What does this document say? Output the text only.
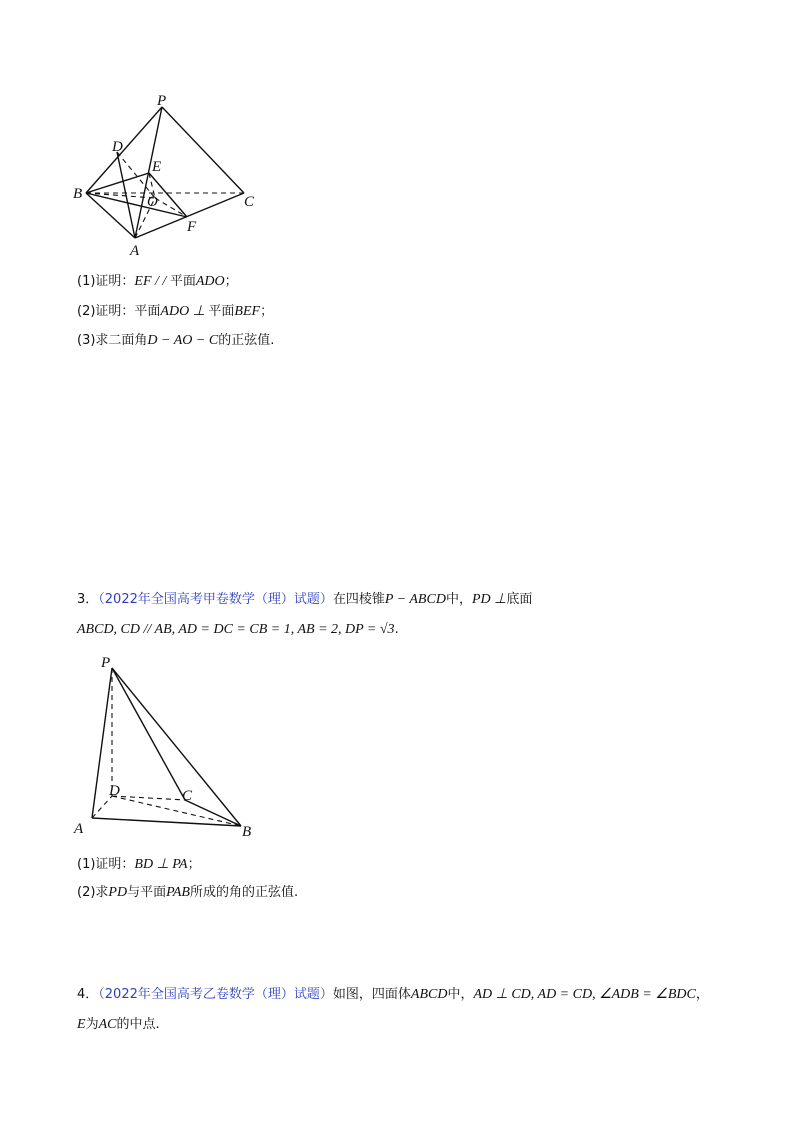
P
D
E
B	O	C
F
A
(1)证明：EF / / 平面ADO；
(2)证明：平面ADO ⊥ 平面BEF；
(3)求二面角D − AO − C的正弦值.
3．（2022年全国高考甲卷数学（理）试题）在四棱锥P − ABCD中，PD ⊥底面
ABCD, CD // AB, AD = DC = CB = 1, AB = 2, DP = √3.
P
D	C
A	B
(1)证明：BD ⊥ PA；
(2)求PD与平面PAB所成的角的正弦值.
4．（2022年全国高考乙卷数学（理）试题）如图，四面体ABCD中，AD ⊥ CD, AD = CD, ∠ADB = ∠BDC，
E为AC的中点.
